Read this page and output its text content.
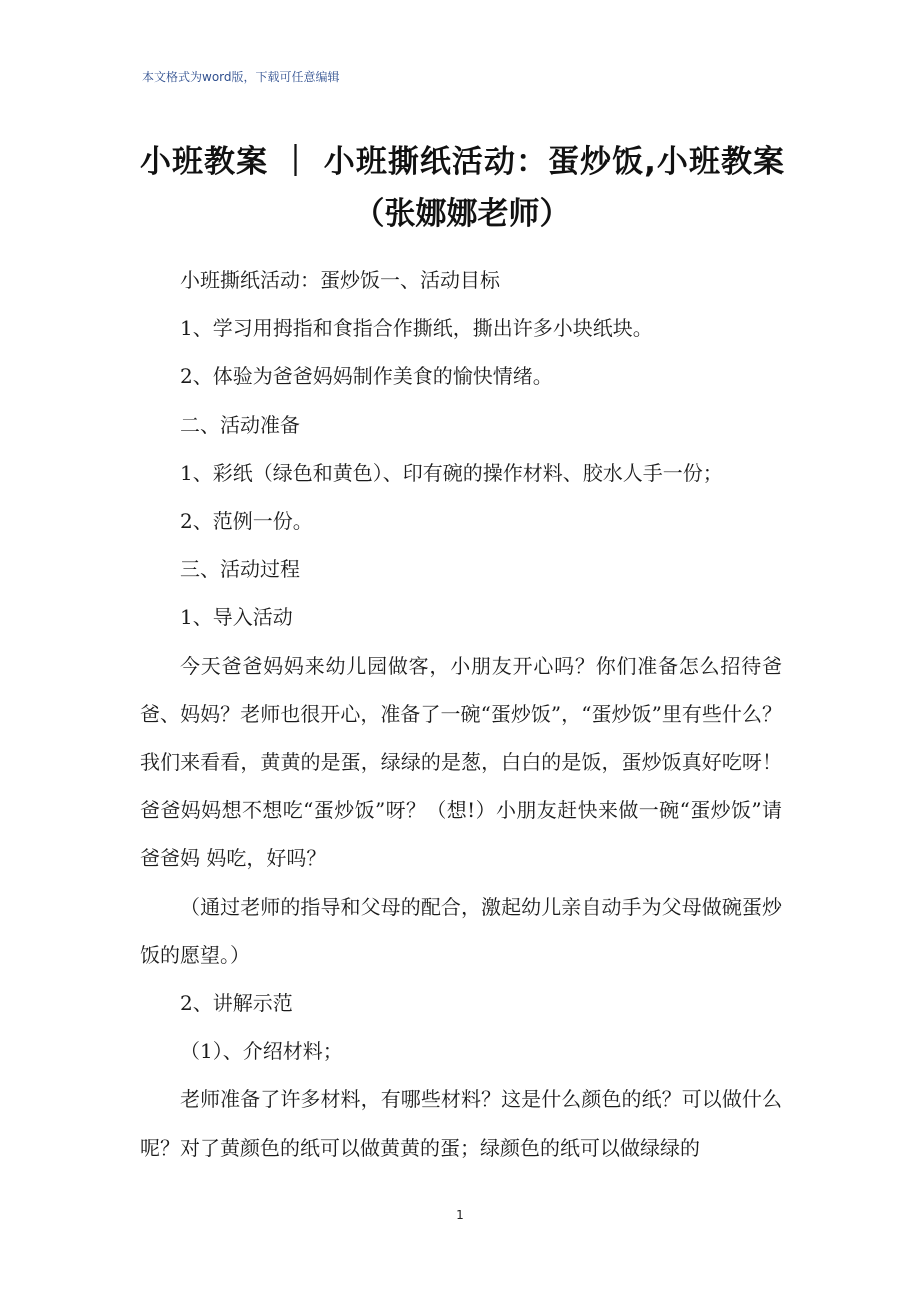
本文格式为word版，下载可任意编辑
小班教案 ｜ 小班撕纸活动：蛋炒饭,小班教案（张娜娜老师）

小班撕纸活动：蛋炒饭一、活动目标

1、学习用拇指和食指合作撕纸，撕出许多小块纸块。

2、体验为爸爸妈妈制作美食的愉快情绪。

二、活动准备

1、彩纸（绿色和黄色）、印有碗的操作材料、胶水人手一份；

2、范例一份。

三、活动过程

1、导入活动

今天爸爸妈妈来幼儿园做客，小朋友开心吗？你们准备怎么招待爸爸、妈妈？老师也很开心，准备了一碗“蛋炒饭”，“蛋炒饭”里有些什么？我们来看看，黄黄的是蛋，绿绿的是葱，白白的是饭，蛋炒饭真好吃呀！爸爸妈妈想不想吃“蛋炒饭”呀？（想!）小朋友赶快来做一碗“蛋炒饭”请爸爸妈 妈吃，好吗？

（通过老师的指导和父母的配合，激起幼儿亲自动手为父母做碗蛋炒饭的愿望。）

2、讲解示范

（1）、介绍材料；

老师准备了许多材料，有哪些材料？这是什么颜色的纸？可以做什么呢？对了黄颜色的纸可以做黄黄的蛋；绿颜色的纸可以做绿绿的

1
